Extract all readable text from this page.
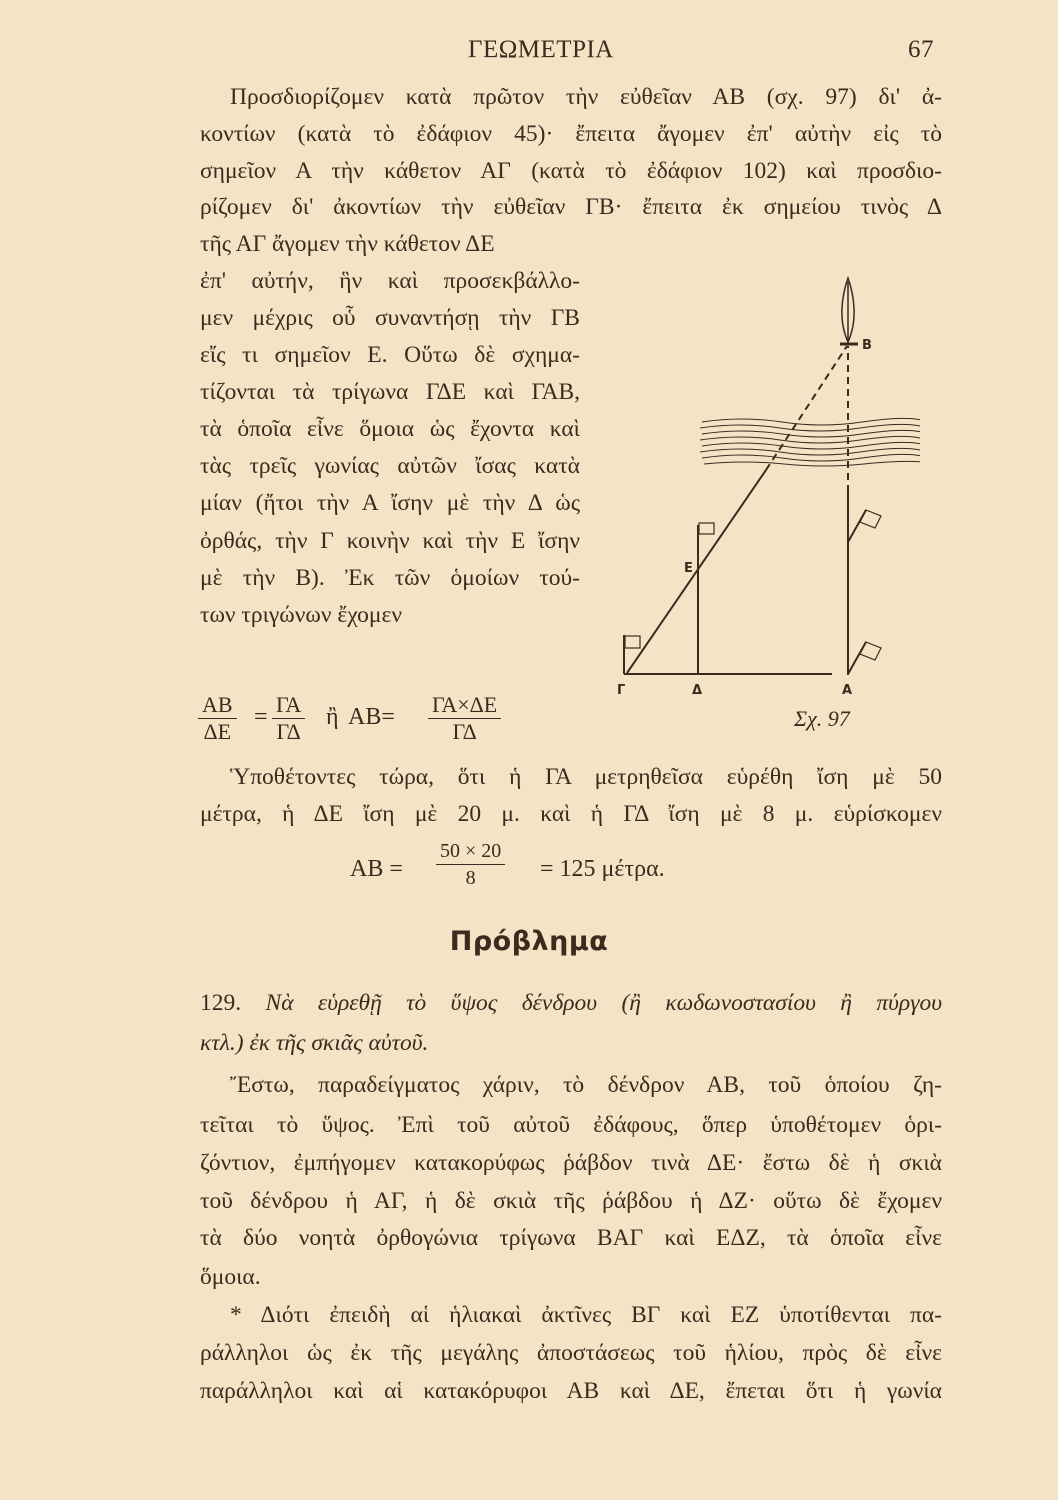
ΓΕΩΜΕΤΡΙΑ	67
Προσδιορίζομεν κατὰ πρῶτον τὴν εὐθεῖαν ΑΒ (σχ. 97) δι' ἀ-
κοντίων (κατὰ τὸ ἐδάφιον 45)· ἔπειτα ἄγομεν ἐπ' αὐτὴν εἰς τὸ
σημεῖον Α τὴν κάθετον ΑΓ (κατὰ τὸ ἐδάφιον 102) καὶ προσδιο-
ρίζομεν δι' ἀκοντίων τὴν εὐθεῖαν ΓΒ· ἔπειτα ἐκ σημείου τινὸς Δ
τῆς ΑΓ ἄγομεν τὴν κάθετον ΔΕ
ἐπ' αὐτήν, ἣν καὶ προσεκβάλλο-
μεν μέχρις οὗ συναντήσῃ τὴν ΓΒ
εἴς τι σημεῖον Ε. Οὕτω δὲ σχημα-
τίζονται τὰ τρίγωνα ΓΔΕ καὶ ΓΑΒ,
τὰ ὁποῖα εἶνε ὅμοια ὡς ἔχοντα καὶ
τὰς τρεῖς γωνίας αὐτῶν ἴσας κατὰ
μίαν (ἤτοι τὴν Α ἴσην μὲ τὴν Δ ὡς
ὀρθάς, τὴν Γ κοινὴν καὶ τὴν Ε ἴσην
μὲ τὴν Β). Ἐκ τῶν ὁμοίων τού-
των τριγώνων ἔχομεν
$\frac{AB}{\Delta E} = \frac{\Gamma A}{\Gamma\Delta}$ ἢ $AB= \frac{\Gamma A\times\Delta E}{\Gamma\Delta}$
Ὑποθέτοντες τώρα, ὅτι ἡ ΓΑ μετρηθεῖσα εὑρέθη ἴση μὲ 50
μέτρα, ἡ ΔΕ ἴση μὲ 20 μ. καὶ ἡ ΓΔ ἴση μὲ 8 μ. εὑρίσκομεν
$AB = \frac{50 \times 20}{8} = 125$ μέτρα.
Γ	Δ	Α
Ε
Β
Σχ. 97
Πρόβλημα
129. Νὰ εὑρεθῇ τὸ ὕψος δένδρου (ἢ κωδωνοστασίου ἢ πύργου
κτλ.) ἐκ τῆς σκιᾶς αὐτοῦ.
Ἔστω, παραδείγματος χάριν, τὸ δένδρον ΑΒ, τοῦ ὁποίου ζη-
τεῖται τὸ ὕψος. Ἐπὶ τοῦ αὐτοῦ ἐδάφους, ὅπερ ὑποθέτομεν ὁρι-
ζόντιον, ἐμπήγομεν κατακορύφως ῥάβδον τινὰ ΔΕ· ἔστω δὲ ἡ σκιὰ
τοῦ δένδρου ἡ ΑΓ, ἡ δὲ σκιὰ τῆς ῥάβδου ἡ ΔΖ· οὕτω δὲ ἔχομεν
τὰ δύο νοητὰ ὀρθογώνια τρίγωνα ΒΑΓ καὶ ΕΔΖ, τὰ ὁποῖα εἶνε
ὅμοια.
* Διότι ἐπειδὴ αἱ ἡλιακαὶ ἀκτῖνες ΒΓ καὶ ΕΖ ὑποτίθενται πα-
ράλληλοι ὡς ἐκ τῆς μεγάλης ἀποστάσεως τοῦ ἡλίου, πρὸς δὲ εἶνε
παράλληλοι καὶ αἱ κατακόρυφοι ΑΒ καὶ ΔΕ, ἔπεται ὅτι ἡ γωνία
